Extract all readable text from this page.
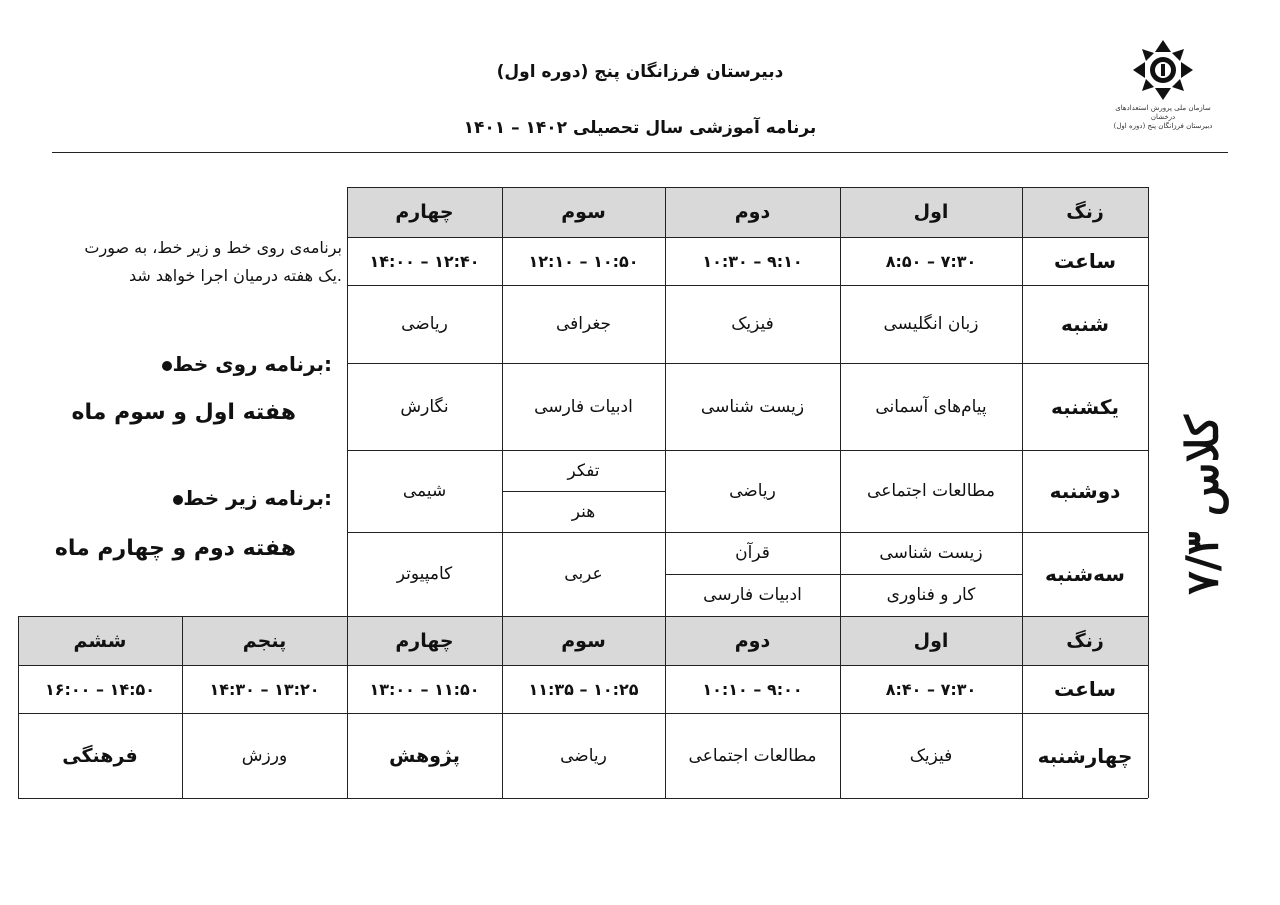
دبیرستان فرزانگان پنج (دوره اول)
برنامه آموزشی سال تحصیلی ۱۴۰۲ – ۱۴۰۱
سازمان ملی پرورش استعدادهای درخشان
دبیرستان فرزانگان پنج (دوره اول)
کلاس ۷/۳
زنگ
اول
دوم
سوم
چهارم
ساعت
۸:۵۰ – ۷:۳۰
۱۰:۳۰ – ۹:۱۰
۱۲:۱۰ – ۱۰:۵۰
۱۴:۰۰ – ۱۲:۴۰
شنبه
زبان انگلیسی
فیزیک
جغرافی
ریاضی
یکشنبه
پیام‌های آسمانی
زیست شناسی
ادبیات فارسی
نگارش
دوشنبه
مطالعات اجتماعی
ریاضی
تفکر
هنر
شیمی
سه‌شنبه
زیست شناسی
کار و فناوری
قرآن
ادبیات فارسی
عربی
کامپیوتر
زنگ
اول
دوم
سوم
چهارم
پنجم
ششم
ساعت
۸:۴۰ – ۷:۳۰
۱۰:۱۰ – ۹:۰۰
۱۱:۳۵ – ۱۰:۲۵
۱۳:۰۰ – ۱۱:۵۰
۱۴:۳۰ – ۱۳:۲۰
۱۶:۰۰ – ۱۴:۵۰
چهارشنبه
فیزیک
مطالعات اجتماعی
ریاضی
پژوهش
ورزش
فرهنگی
برنامه‌ی روی خط و زیر خط، به صورت
یک هفته درمیان اجرا خواهد شد.
برنامه روی خط:
هفته اول و سوم ماه
برنامه زیر خط:
هفته دوم و چهارم ماه
